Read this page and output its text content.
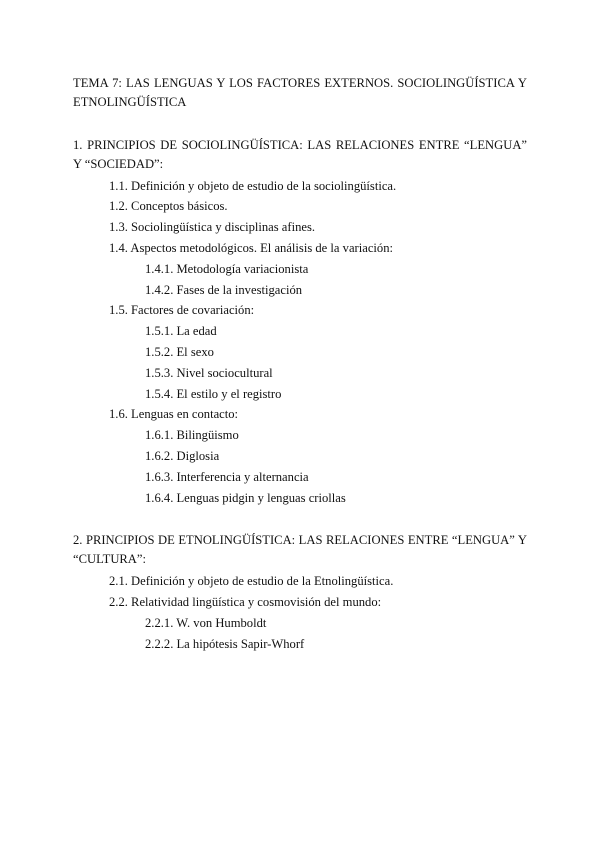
TEMA 7: LAS LENGUAS Y LOS FACTORES EXTERNOS. SOCIOLINGÜÍSTICA Y ETNOLINGÜÍSTICA

1. PRINCIPIOS DE SOCIOLINGÜÍSTICA: LAS RELACIONES ENTRE “LENGUA” Y “SOCIEDAD”:

1.1. Definición y objeto de estudio de la sociolingüística.

1.2. Conceptos básicos.

1.3. Sociolingüística y disciplinas afines.

1.4. Aspectos metodológicos. El análisis de la variación:

1.4.1. Metodología variacionista

1.4.2. Fases de la investigación

1.5. Factores de covariación:

1.5.1. La edad

1.5.2. El sexo

1.5.3. Nivel sociocultural

1.5.4. El estilo y el registro

1.6. Lenguas en contacto:

1.6.1. Bilingüismo

1.6.2. Diglosia

1.6.3. Interferencia y alternancia

1.6.4. Lenguas pidgin y lenguas criollas

2. PRINCIPIOS DE ETNOLINGÜÍSTICA: LAS RELACIONES ENTRE “LENGUA” Y “CULTURA”:

2.1. Definición y objeto de estudio de la Etnolingüística.

2.2. Relatividad lingüística y cosmovisión del mundo:

2.2.1. W. von Humboldt

2.2.2. La hipótesis Sapir-Whorf
